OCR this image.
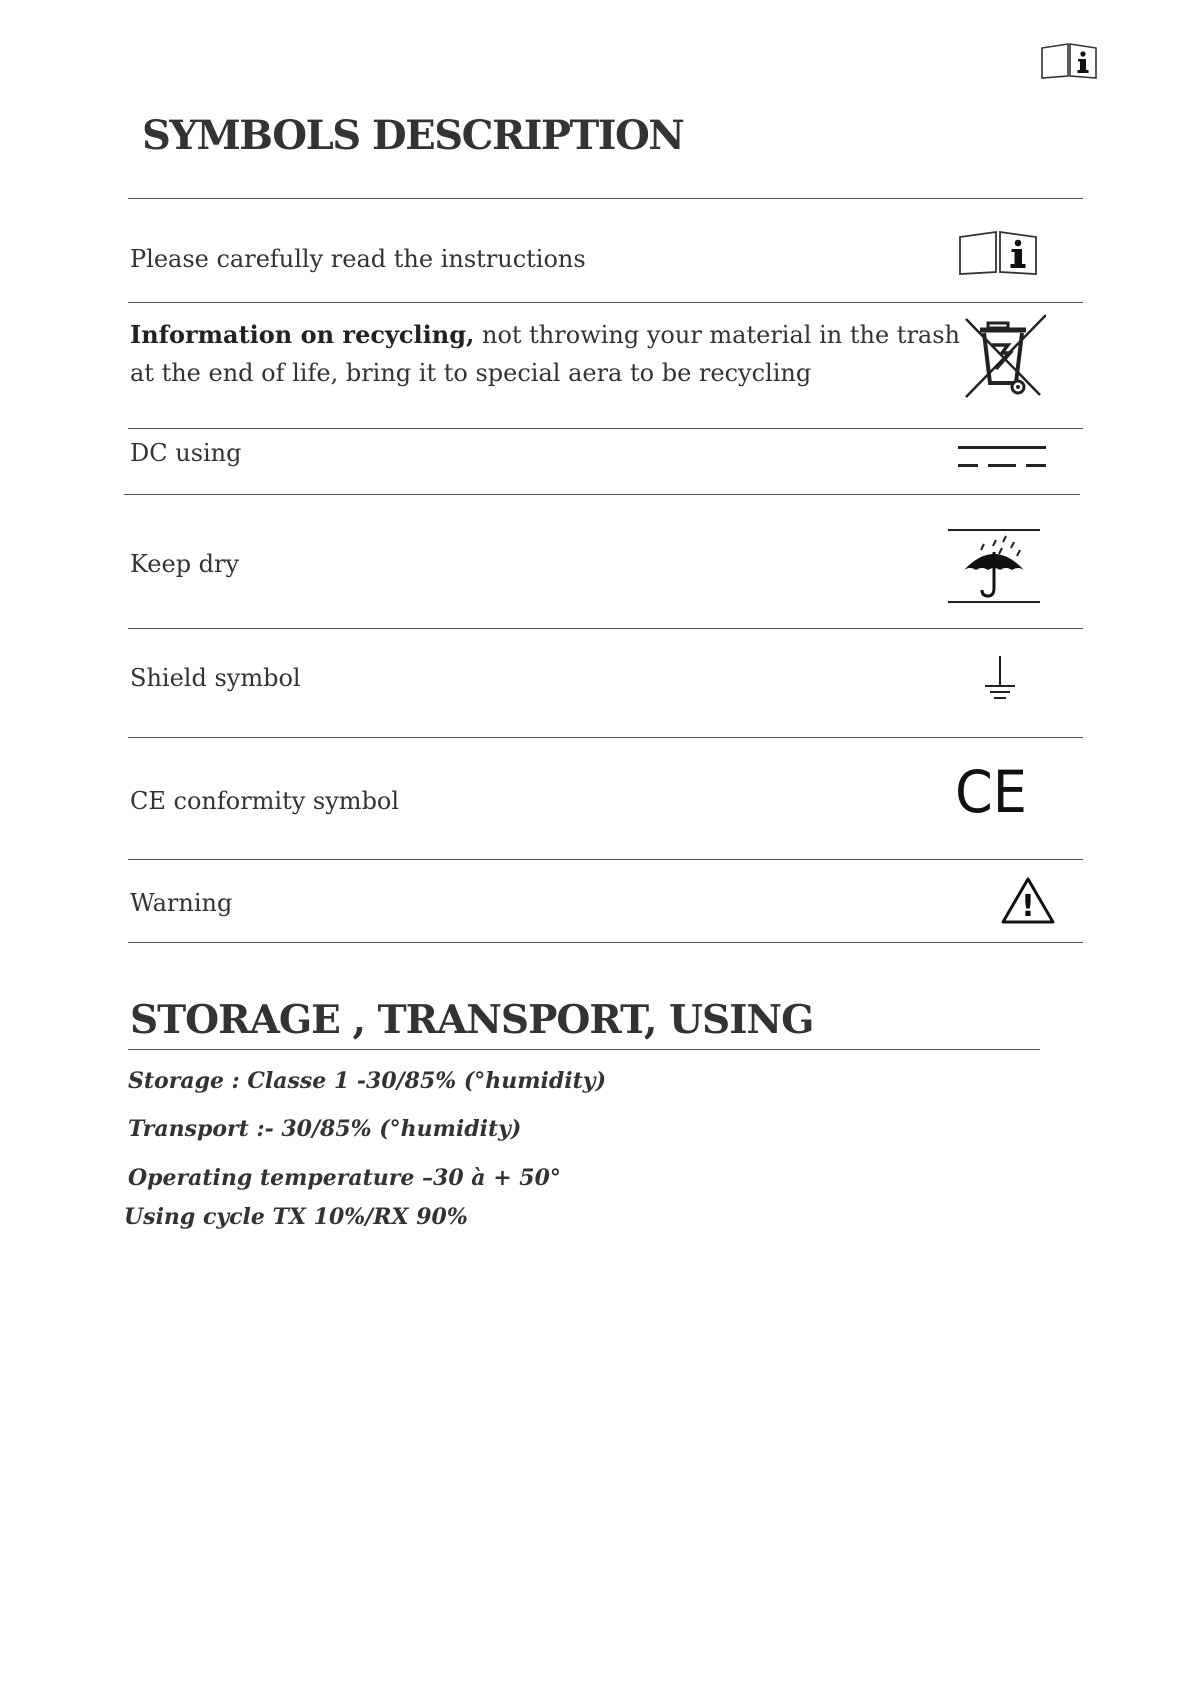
SYMBOLS DESCRIPTION

Please carefully read the instructions

Information on recycling, not throwing your material in the trash

at the end of life, bring it to special aera to be recycling

DC using

Keep dry

Shield symbol

CE conformity symbol	CE

Warning	!
STORAGE , TRANSPORT, USING

Storage : Classe 1 -30/85% (°humidity)

Transport :- 30/85% (°humidity)

Operating temperature –30 à + 50°

Using cycle TX 10%/RX 90%
